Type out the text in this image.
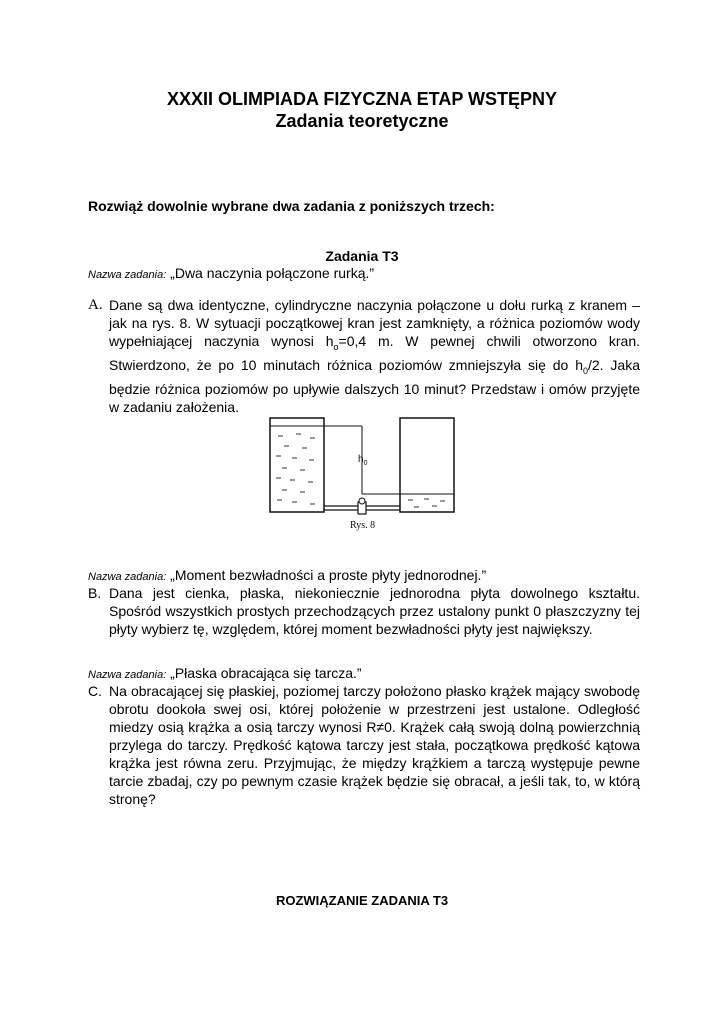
XXXII OLIMPIADA FIZYCZNA ETAP WSTĘPNY
Zadania teoretyczne
Rozwiąż dowolnie wybrane dwa zadania z poniższych trzech:
Zadania T3
Nazwa zadania: „Dwa naczynia połączone rurką.”
A. Dane są dwa identyczne, cylindryczne naczynia połączone u dołu rurką z kranem – jak na rys. 8. W sytuacji początkowej kran jest zamknięty, a różnica poziomów wody wypełniającej naczynia wynosi $h_o=0,4$ m. W pewnej chwili otworzono kran. Stwierdzono, że po 10 minutach różnica poziomów zmniejszyła się do $h_0/2$. Jaka będzie różnica poziomów po upływie dalszych 10 minut? Przedstaw i omów przyjęte w zadaniu założenia.
$h_0$
Rys. 8
Nazwa zadania: „Moment bezwładności a proste płyty jednorodnej.”
B. Dana jest cienka, płaska, niekoniecznie jednorodna płyta dowolnego kształtu. Spośród wszystkich prostych przechodzących przez ustalony punkt 0 płaszczyzny tej płyty wybierz tę, względem, której moment bezwładności płyty jest największy.
Nazwa zadania: „Płaska obracająca się tarcza.”
C. Na obracającej się płaskiej, poziomej tarczy położono płasko krążek mający swobodę obrotu dookoła swej osi, której położenie w przestrzeni jest ustalone. Odległość miedzy osią krążka a osią tarczy wynosi R≠0. Krążek całą swoją dolną powierzchnią przylega do tarczy. Prędkość kątowa tarczy jest stała, początkowa prędkość kątowa krążka jest równa zeru. Przyjmując, że między krążkiem a tarczą występuje pewne tarcie zbadaj, czy po pewnym czasie krążek będzie się obracał, a jeśli tak, to, w którą stronę?
ROZWIĄZANIE ZADANIA T3
